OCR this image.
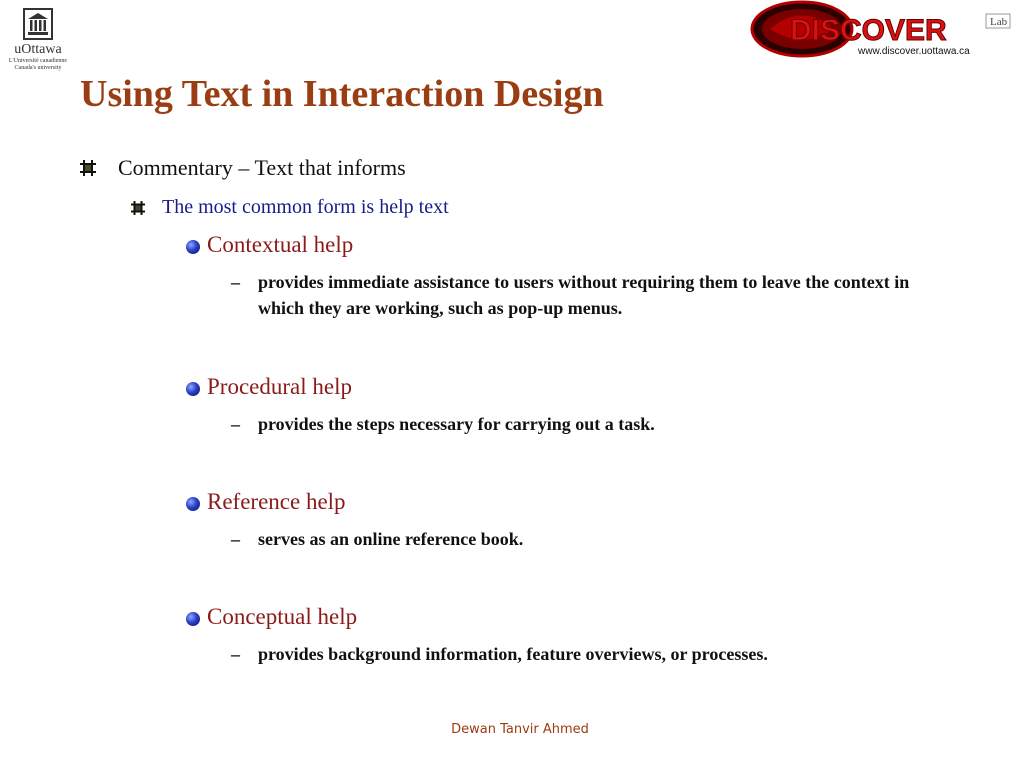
uOttawa
L'Université canadienne
Canada's university
Lab
DISCOVER
www.discover.uottawa.ca
Using Text in Interaction Design
Commentary – Text that informs
The most common form is help text
Contextual help
– provides immediate assistance to users without requiring them to leave the context in which they are working, such as pop-up menus.
Procedural help
– provides the steps necessary for carrying out a task.
Reference help
– serves as an online reference book.
Conceptual help
– provides background information, feature overviews, or processes.
Dewan Tanvir Ahmed
